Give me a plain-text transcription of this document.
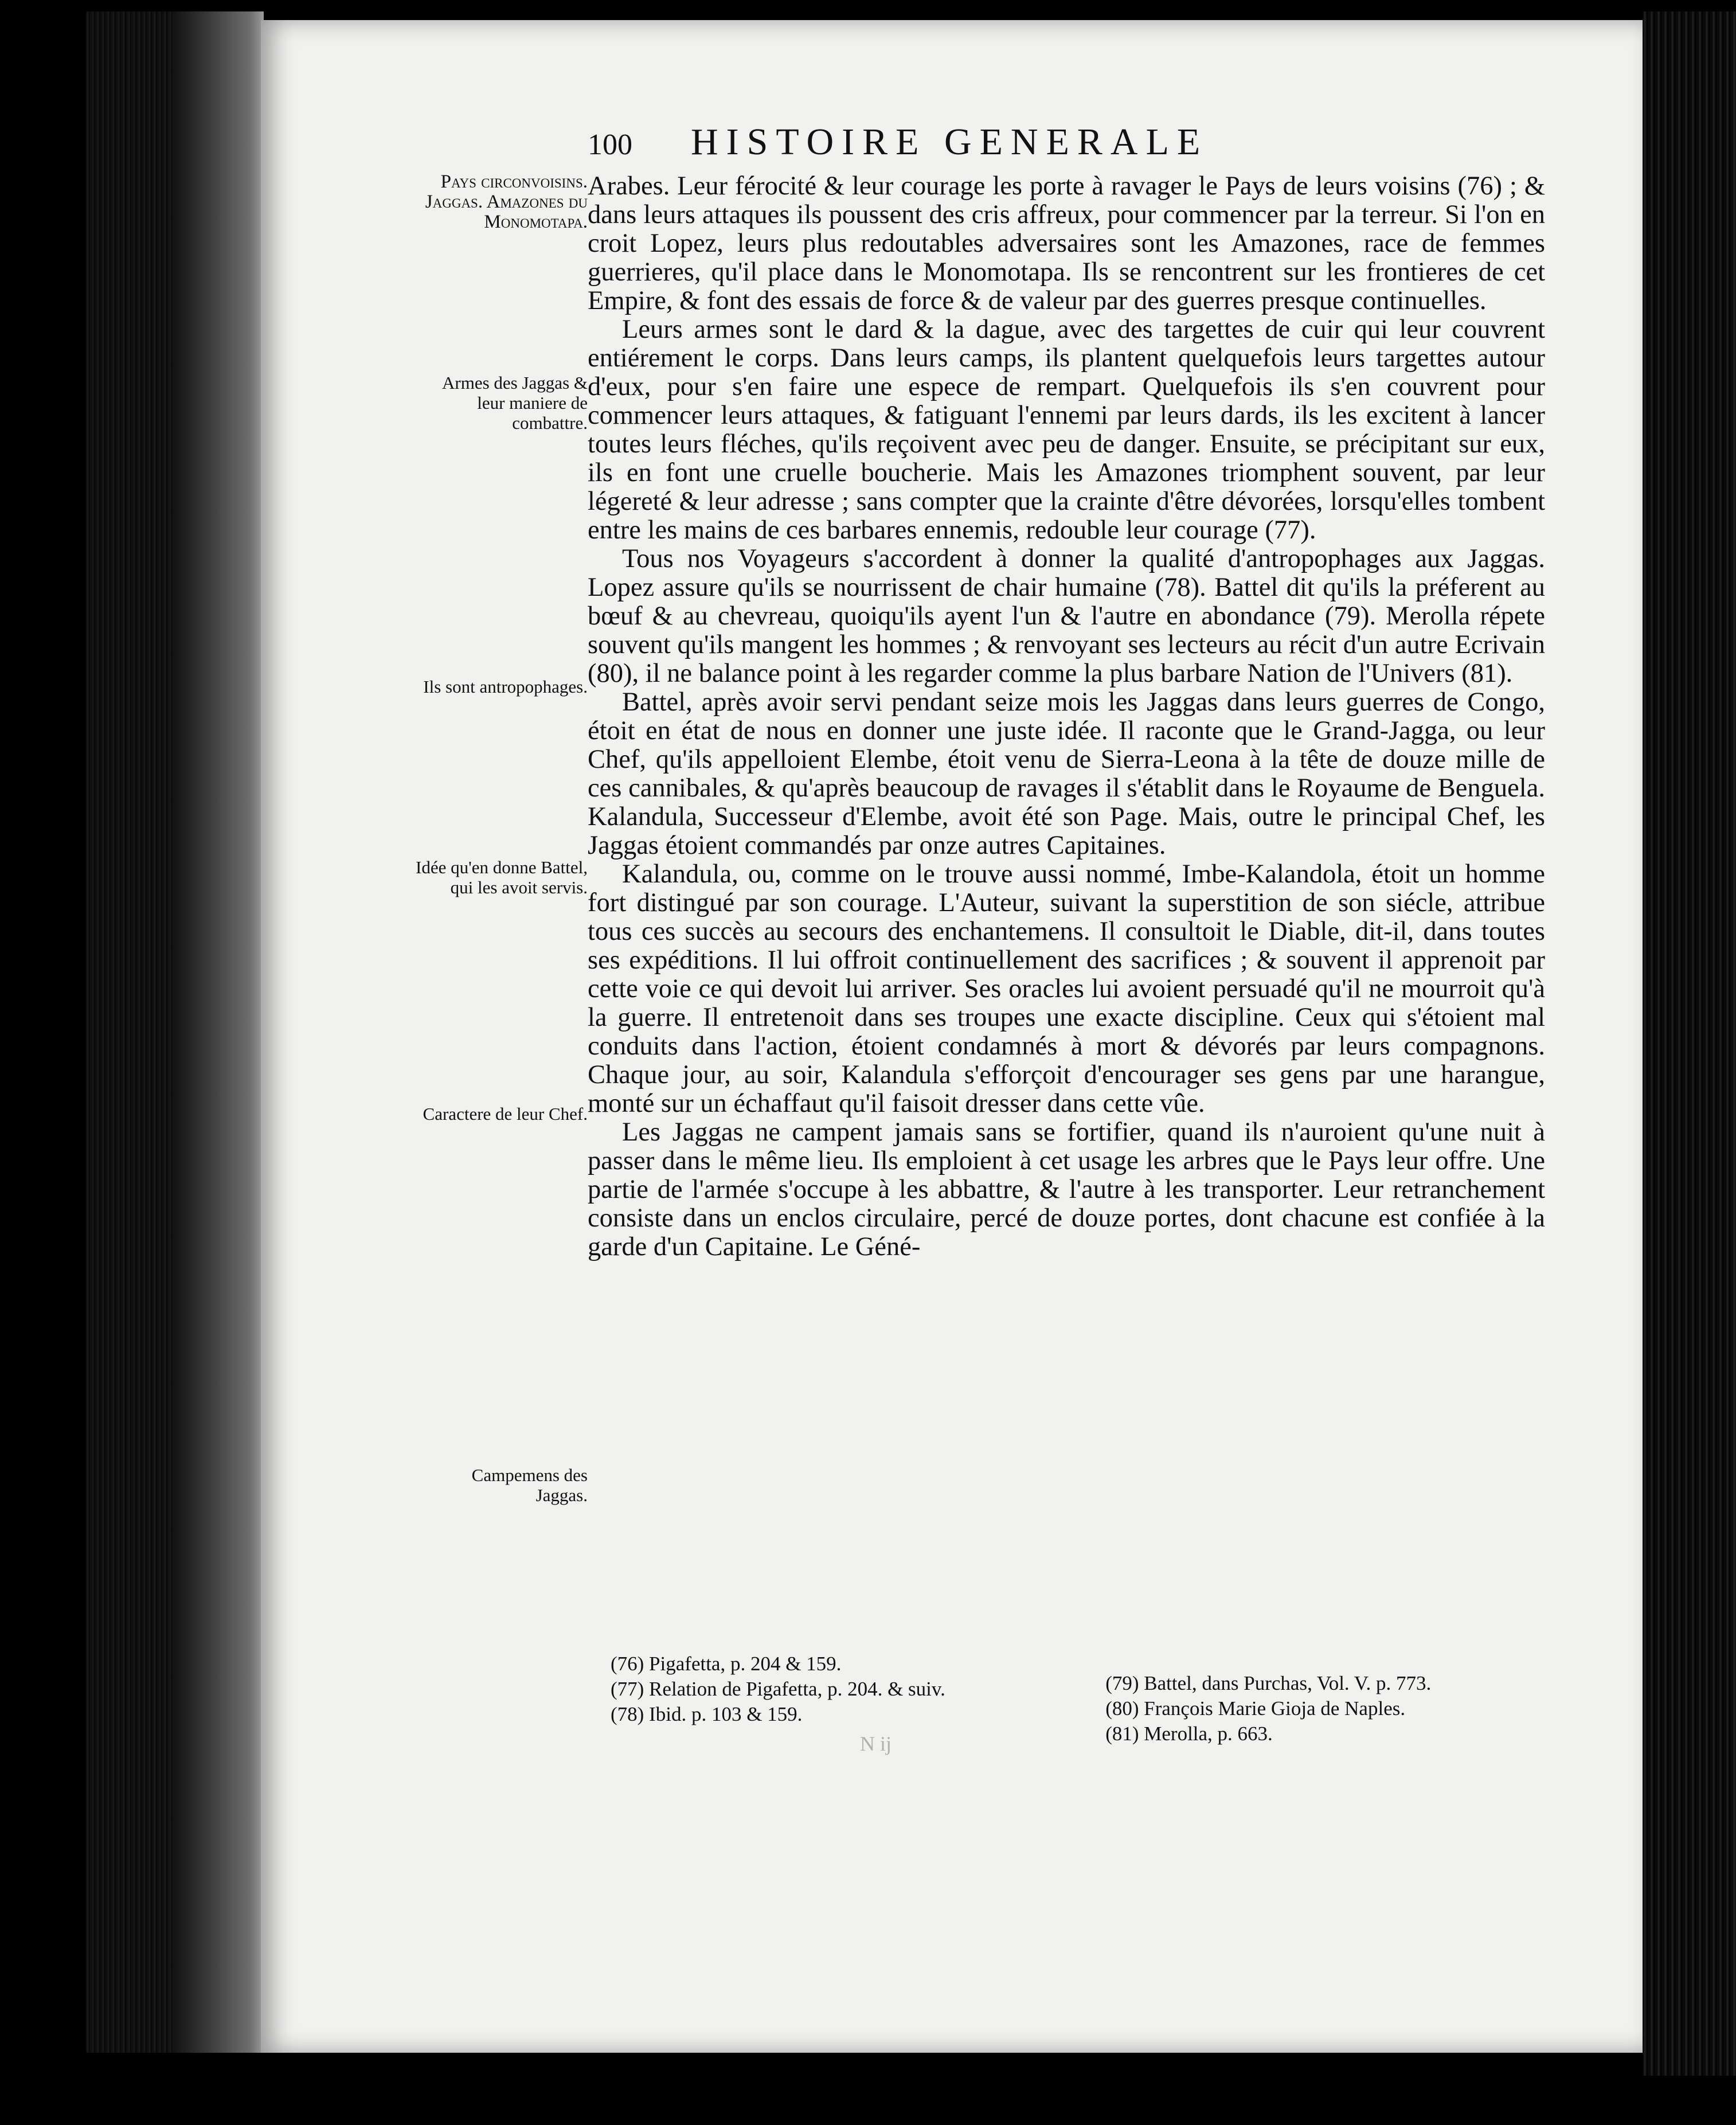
100	HISTOIRE GENERALE
Pays circonvoisins. Jaggas. Amazones du Monomotapa.
Armes des Jaggas & leur maniere de combattre.
Ils sont antropophages.
Idée qu'en donne Battel, qui les avoit servis.
Caractere de leur Chef.
Campemens des Jaggas.

Arabes. Leur férocité & leur courage les porte à ravager le Pays de leurs voisins (76) ; & dans leurs attaques ils poussent des cris affreux, pour commencer par la terreur. Si l'on en croit Lopez, leurs plus redoutables adversaires sont les Amazones, race de femmes guerrieres, qu'il place dans le Monomotapa. Ils se rencontrent sur les frontieres de cet Empire, & font des essais de force & de valeur par des guerres presque continuelles.

Leurs armes sont le dard & la dague, avec des targettes de cuir qui leur couvrent entiérement le corps. Dans leurs camps, ils plantent quelquefois leurs targettes autour d'eux, pour s'en faire une espece de rempart. Quelquefois ils s'en couvrent pour commencer leurs attaques, & fatiguant l'ennemi par leurs dards, ils les excitent à lancer toutes leurs fléches, qu'ils reçoivent avec peu de danger. Ensuite, se précipitant sur eux, ils en font une cruelle boucherie. Mais les Amazones triomphent souvent, par leur légereté & leur adresse ; sans compter que la crainte d'être dévorées, lorsqu'elles tombent entre les mains de ces barbares ennemis, redouble leur courage (77).

Tous nos Voyageurs s'accordent à donner la qualité d'antropophages aux Jaggas. Lopez assure qu'ils se nourrissent de chair humaine (78). Battel dit qu'ils la préferent au bœuf & au chevreau, quoiqu'ils ayent l'un & l'autre en abondance (79). Merolla répete souvent qu'ils mangent les hommes ; & renvoyant ses lecteurs au récit d'un autre Ecrivain (80), il ne balance point à les regarder comme la plus barbare Nation de l'Univers (81).

Battel, après avoir servi pendant seize mois les Jaggas dans leurs guerres de Congo, étoit en état de nous en donner une juste idée. Il raconte que le Grand-Jagga, ou leur Chef, qu'ils appelloient Elembe, étoit venu de Sierra-Leona à la tête de douze mille de ces cannibales, & qu'après beaucoup de ravages il s'établit dans le Royaume de Benguela. Kalandula, Successeur d'Elembe, avoit été son Page. Mais, outre le principal Chef, les Jaggas étoient commandés par onze autres Capitaines.

Kalandula, ou, comme on le trouve aussi nommé, Imbe-Kalandola, étoit un homme fort distingué par son courage. L'Auteur, suivant la superstition de son siécle, attribue tous ces succès au secours des enchantemens. Il consultoit le Diable, dit-il, dans toutes ses expéditions. Il lui offroit continuellement des sacrifices ; & souvent il apprenoit par cette voie ce qui devoit lui arriver. Ses oracles lui avoient persuadé qu'il ne mourroit qu'à la guerre. Il entretenoit dans ses troupes une exacte discipline. Ceux qui s'étoient mal conduits dans l'action, étoient condamnés à mort & dévorés par leurs compagnons. Chaque jour, au soir, Kalandula s'efforçoit d'encourager ses gens par une harangue, monté sur un échaffaut qu'il faisoit dresser dans cette vûe.

Les Jaggas ne campent jamais sans se fortifier, quand ils n'auroient qu'une nuit à passer dans le même lieu. Ils emploient à cet usage les arbres que le Pays leur offre. Une partie de l'armée s'occupe à les abbattre, & l'autre à les transporter. Leur retranchement consiste dans un enclos circulaire, percé de douze portes, dont chacune est confiée à la garde d'un Capitaine. Le Géné-

(76) Pigafetta, p. 204 & 159.
(77) Relation de Pigafetta, p. 204. & suiv.
(78) Ibid. p. 103 & 159.
(79) Battel, dans Purchas, Vol. V. p. 773.
(80) François Marie Gioja de Naples.
(81) Merolla, p. 663.
N ij
